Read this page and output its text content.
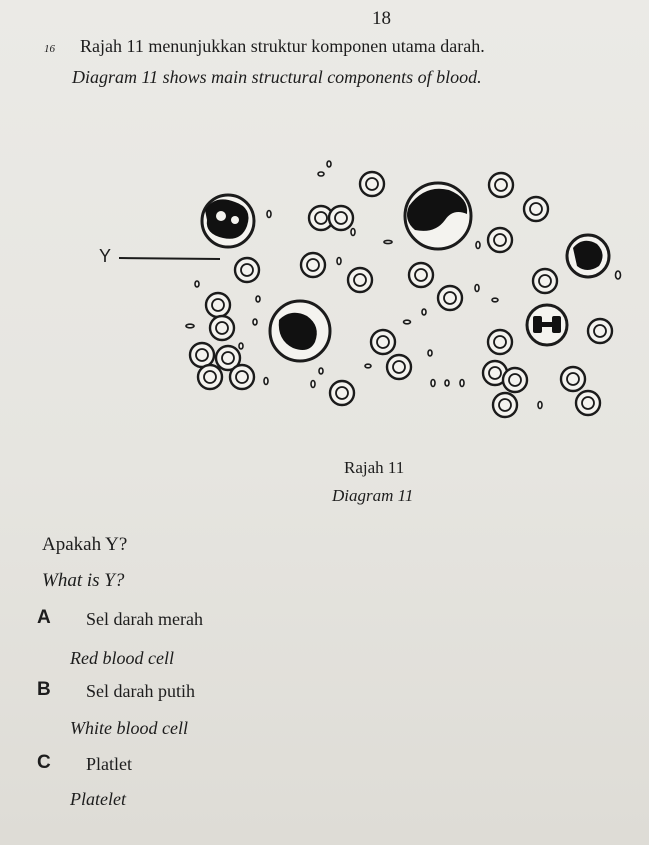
18
16 Rajah 11 menunjukkan struktur komponen utama darah.
Diagram 11 shows main structural components of blood.
Y
Rajah 11
Diagram 11
Apakah Y?
What is Y?
A Sel darah merah
Red blood cell
B Sel darah putih
White blood cell
C Platlet
Platelet
